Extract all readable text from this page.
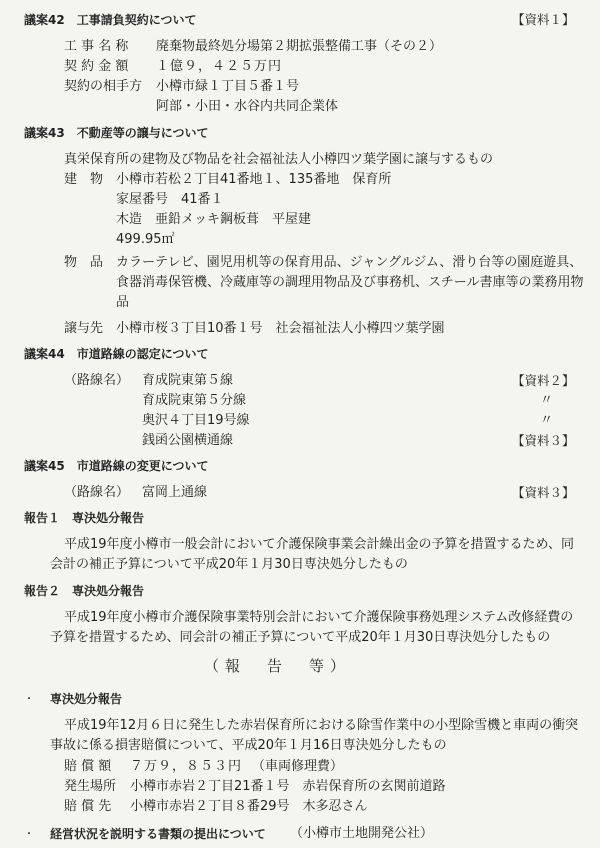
議案42　工事請負契約について	【資料１】
工 事 名 称 廃棄物最終処分場第２期拡張整備工事（その２）
契 約 金 額 １億９，４２５万円
契約の相手方 小樽市緑１丁目５番１号
阿部・小田・水谷内共同企業体
議案43　不動産等の譲与について
真栄保育所の建物及び物品を社会福祉法人小樽四ツ葉学園に譲与するもの
建　物 小樽市若松２丁目41番地１、135番地　保育所
家屋番号　41番１
木造　亜鉛メッキ鋼板葺　平屋建
499.95㎡
物　品 カラーテレビ、園児用机等の保育用品、ジャングルジム、滑り台等の園庭遊具、
食器消毒保管機、冷蔵庫等の調理用物品及び事務机、スチール書庫等の業務用物
品
譲与先 小樽市桜３丁目10番１号　社会福祉法人小樽四ツ葉学園
議案44　市道路線の認定について
（路線名） 育成院東第５線	【資料２】
育成院東第５分線	〃
奥沢４丁目19号線	〃
銭函公園横通線	【資料３】
議案45　市道路線の変更について
（路線名） 富岡上通線	【資料３】
報告１　専決処分報告
平成19年度小樽市一般会計において介護保険事業会計繰出金の予算を措置するため、同
会計の補正予算について平成20年１月30日専決処分したもの
報告２　専決処分報告
平成19年度小樽市介護保険事業特別会計において介護保険事務処理システム改修経費の
予算を措置するため、同会計の補正予算について平成20年１月30日専決処分したもの
（報　告　等）
・ 専決処分報告
平成19年12月６日に発生した赤岩保育所における除雪作業中の小型除雪機と車両の衝突
事故に係る損害賠償について、平成20年１月16日専決処分したもの
賠 償 額 ７万９，８５３円 （車両修理費）
発生場所 小樽市赤岩２丁目21番１号　赤岩保育所の玄関前道路
賠 償 先 小樽市赤岩２丁目８番29号　木多忍さん
・ 経営状況を説明する書類の提出について （小樽市土地開発公社）
